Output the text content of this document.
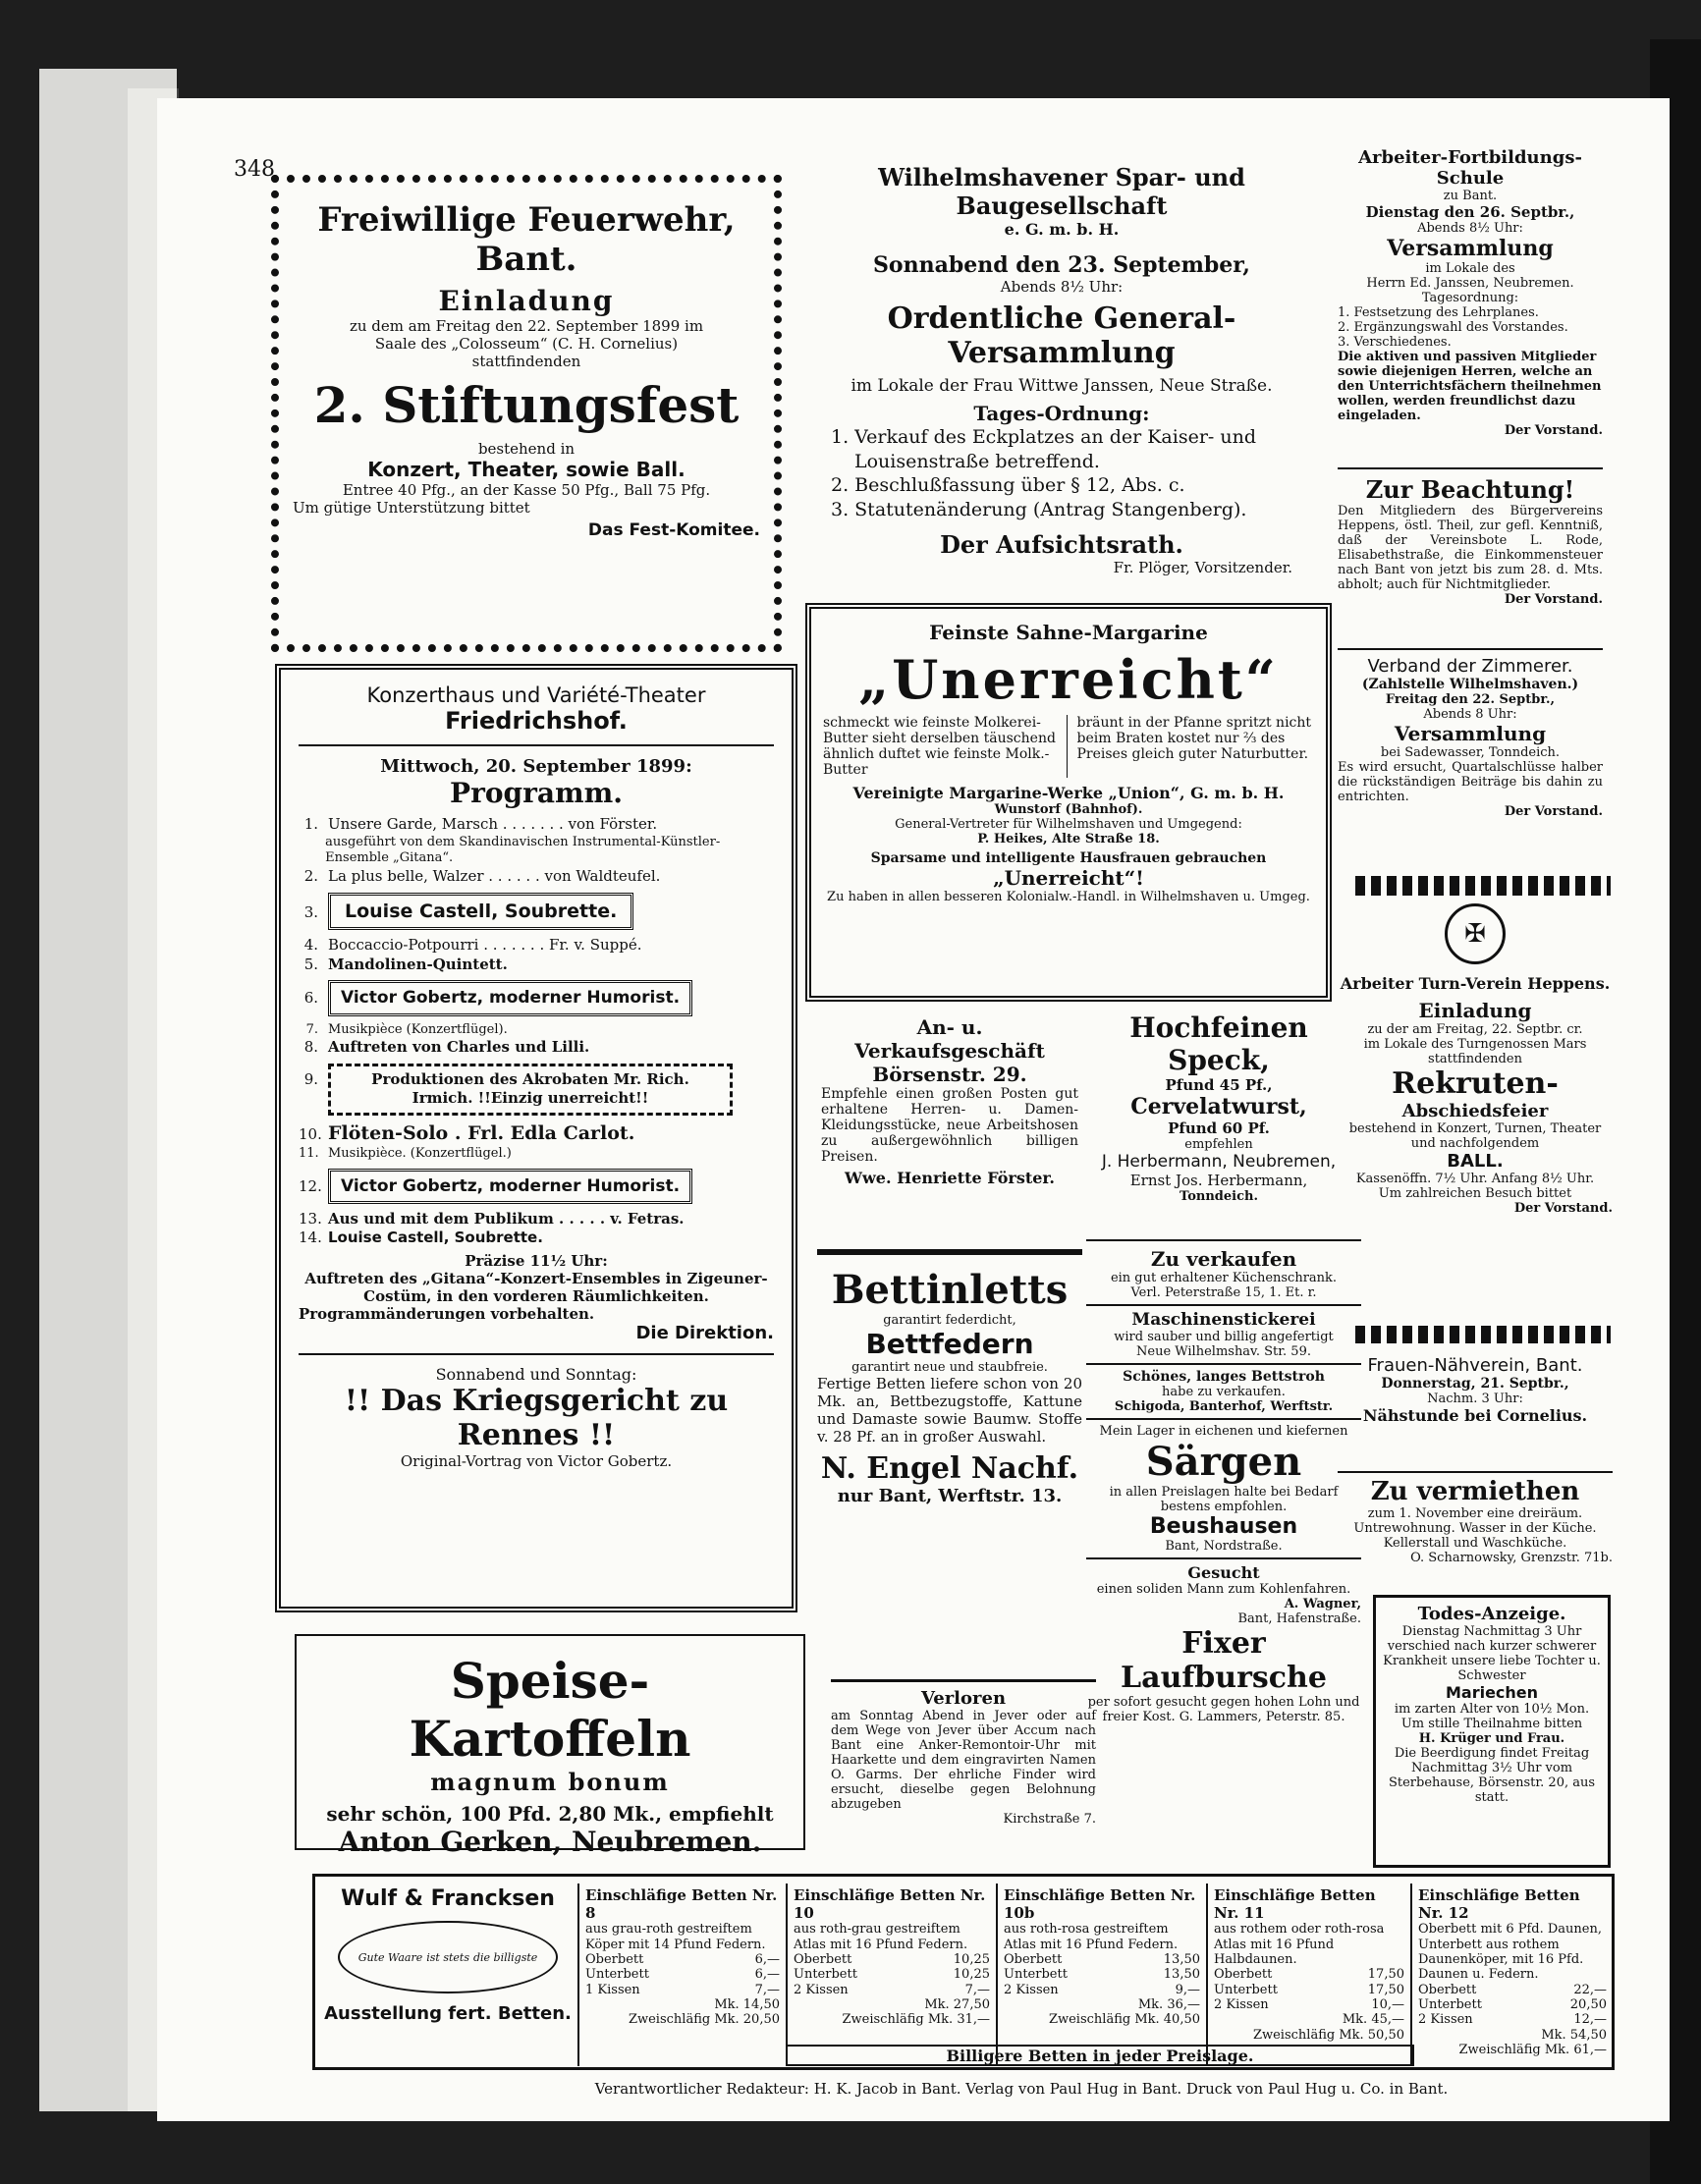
348
Freiwillige Feuerwehr, Bant.
Einladung
zu dem am Freitag den 22. September 1899 im
Saale des „Colosseum“ (C. H. Cornelius)
stattfindenden
2. Stiftungsfest
bestehend in
Konzert, Theater, sowie Ball.
Entree 40 Pfg., an der Kasse 50 Pfg., Ball 75 Pfg.
Um gütige Unterstützung bittet
Das Fest-Komitee.
Wilhelmshavener Spar- und Baugesellschaft
e. G. m. b. H.
Sonnabend den 23. September,
Abends 8½ Uhr:
Ordentliche General-Versammlung
im Lokale der Frau Wittwe Janssen, Neue Straße.
Tages-Ordnung:
1. Verkauf des Eckplatzes an der Kaiser- und
Louisenstraße betreffend.
2. Beschlußfassung über § 12, Abs. c.
3. Statutenänderung (Antrag Stangenberg).
Der Aufsichtsrath.
Fr. Plöger, Vorsitzender.
Arbeiter-Fortbildungs-Schule
zu Bant.
Dienstag den 26. Septbr.,
Abends 8½ Uhr:
Versammlung
im Lokale des
Herrn Ed. Janssen, Neubremen.
Tagesordnung:
1. Festsetzung des Lehrplanes.
2. Ergänzungswahl des Vorstandes.
3. Verschiedenes.
Die aktiven und passiven Mitglieder sowie diejenigen Herren, welche an den Unterrichtsfächern theilnehmen wollen, werden freundlichst dazu eingeladen.
Der Vorstand.
Zur Beachtung!
Den Mitgliedern des Bürgervereins Heppens, östl. Theil, zur gefl. Kenntniß, daß der Vereinsbote L. Rode, Elisabethstraße, die Einkommensteuer nach Bant von jetzt bis zum 28. d. Mts. abholt; auch für Nichtmitglieder.
Der Vorstand.
Verband der Zimmerer.
(Zahlstelle Wilhelmshaven.)
Freitag den 22. Septbr.,
Abends 8 Uhr:
Versammlung
bei Sadewasser, Tonndeich.
Es wird ersucht, Quartalschlüsse halber die rückständigen Beiträge bis dahin zu entrichten.
Der Vorstand.
✠
Arbeiter Turn-Verein Heppens.
Einladung
zu der am Freitag, 22. Septbr. cr.
im Lokale des Turngenossen Mars
stattfindenden
Rekruten-
Abschiedsfeier
bestehend in Konzert, Turnen, Theater und nachfolgendem
BALL.
Kassenöffn. 7½ Uhr. Anfang 8½ Uhr.
Um zahlreichen Besuch bittet
Der Vorstand.
Frauen-Nähverein, Bant.
Donnerstag, 21. Septbr.,
Nachm. 3 Uhr:
Nähstunde bei Cornelius.
Zu vermiethen
zum 1. November eine dreiräum. Untrewohnung. Wasser in der Küche. Kellerstall und Waschküche.
O. Scharnowsky, Grenzstr. 71b.
Todes-Anzeige.
Dienstag Nachmittag 3 Uhr verschied nach kurzer schwerer Krankheit unsere liebe Tochter u. Schwester
Mariechen
im zarten Alter von 10½ Mon.
Um stille Theilnahme bitten
H. Krüger und Frau.
Die Beerdigung findet Freitag Nachmittag 3½ Uhr vom Sterbehause, Börsenstr. 20, aus statt.
Feinste Sahne-Margarine
„Unerreicht“
schmeckt wie feinste Molkerei-Butter sieht derselben täuschend ähnlich duftet wie feinste Molk.-Butter
bräunt in der Pfanne spritzt nicht beim Braten kostet nur ⅔ des Preises gleich guter Naturbutter.
Vereinigte Margarine-Werke „Union“, G. m. b. H.
Wunstorf (Bahnhof).
General-Vertreter für Wilhelmshaven und Umgegend:
P. Heikes, Alte Straße 18.
Sparsame und intelligente Hausfrauen gebrauchen
„Unerreicht“!
Zu haben in allen besseren Kolonialw.-Handl. in Wilhelmshaven u. Umgeg.
Konzerthaus und Variété-Theater
Friedrichshof.
Mittwoch, 20. September 1899:
Programm.
1. Unsere Garde, Marsch . . . . . . . von Förster.
ausgeführt von dem Skandinavischen Instrumental-Künstler-Ensemble „Gitana“.
2. La plus belle, Walzer . . . . . . von Waldteufel.
3.	Louise Castell, Soubrette.
4. Boccaccio-Potpourri . . . . . . . Fr. v. Suppé.
5. Mandolinen-Quintett.
6.	Victor Gobertz, moderner Humorist.
7. Musikpièce (Konzertflügel).
8. Auftreten von Charles und Lilli.
9.	Produktionen des Akrobaten Mr. Rich. Irmich. !!Einzig unerreicht!!
10. Flöten-Solo . Frl. Edla Carlot.
11. Musikpièce. (Konzertflügel.)
12.	Victor Gobertz, moderner Humorist.
13. Aus und mit dem Publikum . . . . . v. Fetras.
14. Louise Castell, Soubrette.
Präzise 11½ Uhr:
Auftreten des „Gitana“-Konzert-Ensembles in Zigeuner-Costüm, in den vorderen Räumlichkeiten.
Programmänderungen vorbehalten.
Die Direktion.
Sonnabend und Sonntag:
!! Das Kriegsgericht zu Rennes !!
Original-Vortrag von Victor Gobertz.
Speise-Kartoffeln
magnum bonum
sehr schön, 100 Pfd. 2,80 Mk., empfiehlt
Anton Gerken, Neubremen.
An- u. Verkaufsgeschäft
Börsenstr. 29.
Empfehle einen großen Posten gut erhaltene Herren- u. Damen-Kleidungsstücke, neue Arbeitshosen zu außergewöhnlich billigen Preisen.
Wwe. Henriette Förster.
Bettinletts
garantirt federdicht,
Bettfedern
garantirt neue und staubfreie.
Fertige Betten liefere schon von 20 Mk. an, Bettbezugstoffe, Kattune und Damaste sowie Baumw. Stoffe v. 28 Pf. an in großer Auswahl.
N. Engel Nachf.
nur Bant, Werftstr. 13.
Verloren
am Sonntag Abend in Jever oder auf dem Wege von Jever über Accum nach Bant eine Anker-Remontoir-Uhr mit Haarkette und dem eingravirten Namen O. Garms. Der ehrliche Finder wird ersucht, dieselbe gegen Belohnung abzugeben
Kirchstraße 7.
Hochfeinen Speck,
Pfund 45 Pf.,
Cervelatwurst,
Pfund 60 Pf.
empfehlen
J. Herbermann, Neubremen,
Ernst Jos. Herbermann,
Tonndeich.
Zu verkaufen
ein gut erhaltener Küchenschrank.
Verl. Peterstraße 15, 1. Et. r.
Maschinenstickerei
wird sauber und billig angefertigt
Neue Wilhelmshav. Str. 59.
Schönes, langes Bettstroh
habe zu verkaufen.
Schigoda, Banterhof, Werftstr.
Mein Lager in eichenen und kiefernen
Särgen
in allen Preislagen halte bei Bedarf bestens empfohlen.
Beushausen
Bant, Nordstraße.
Gesucht
einen soliden Mann zum Kohlenfahren.
A. Wagner,
Bant, Hafenstraße.
Fixer Laufbursche
per sofort gesucht gegen hohen Lohn und freier Kost. G. Lammers, Peterstr. 85.
Wulf & Francksen
Gute Waare ist stets die billigste
Ausstellung fert. Betten.
Einschläfige Betten Nr. 8
aus grau-roth gestreiftem Köper mit 14 Pfund Federn.
Oberbett	6,—
Unterbett	6,—
1 Kissen	7,—
Mk. 14,50
Zweischläfig Mk. 20,50
Einschläfige Betten Nr. 10
aus roth-grau gestreiftem Atlas mit 16 Pfund Federn.
Oberbett	10,25
Unterbett	10,25
2 Kissen	7,—
Mk. 27,50
Zweischläfig Mk. 31,—
Einschläfige Betten Nr. 10b
aus roth-rosa gestreiftem Atlas mit 16 Pfund Federn.
Oberbett	13,50
Unterbett	13,50
2 Kissen	9,—
Mk. 36,—
Zweischläfig Mk. 40,50
Einschläfige Betten Nr. 11
aus rothem oder roth-rosa Atlas mit 16 Pfund Halbdaunen.
Oberbett	17,50
Unterbett	17,50
2 Kissen	10,—
Mk. 45,—
Zweischläfig Mk. 50,50
Einschläfige Betten Nr. 12
Oberbett mit 6 Pfd. Daunen, Unterbett aus rothem Daunenköper, mit 16 Pfd. Daunen u. Federn.
Oberbett	22,—
Unterbett	20,50
2 Kissen	12,—
Mk. 54,50
Zweischläfig Mk. 61,—
Billigere Betten in jeder Preislage.
Verantwortlicher Redakteur: H. K. Jacob in Bant. Verlag von Paul Hug in Bant. Druck von Paul Hug u. Co. in Bant.
